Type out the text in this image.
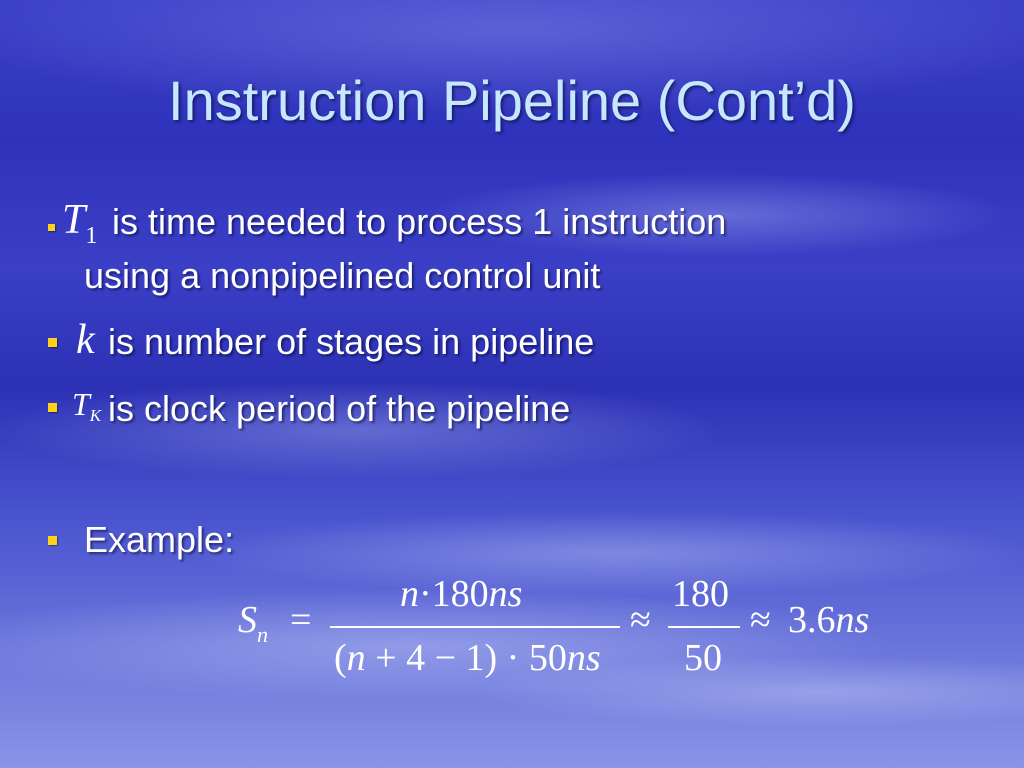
Instruction Pipeline (Cont’d)
$T_1$ is time needed to process 1 instruction
using a nonpipelined control unit
k is number of stages in pipeline
TK is clock period of the pipeline
Example:
$S_n$ =
n·180ns
(n + 4 − 1) · 50ns
≈
180
50
≈ 3.6ns
